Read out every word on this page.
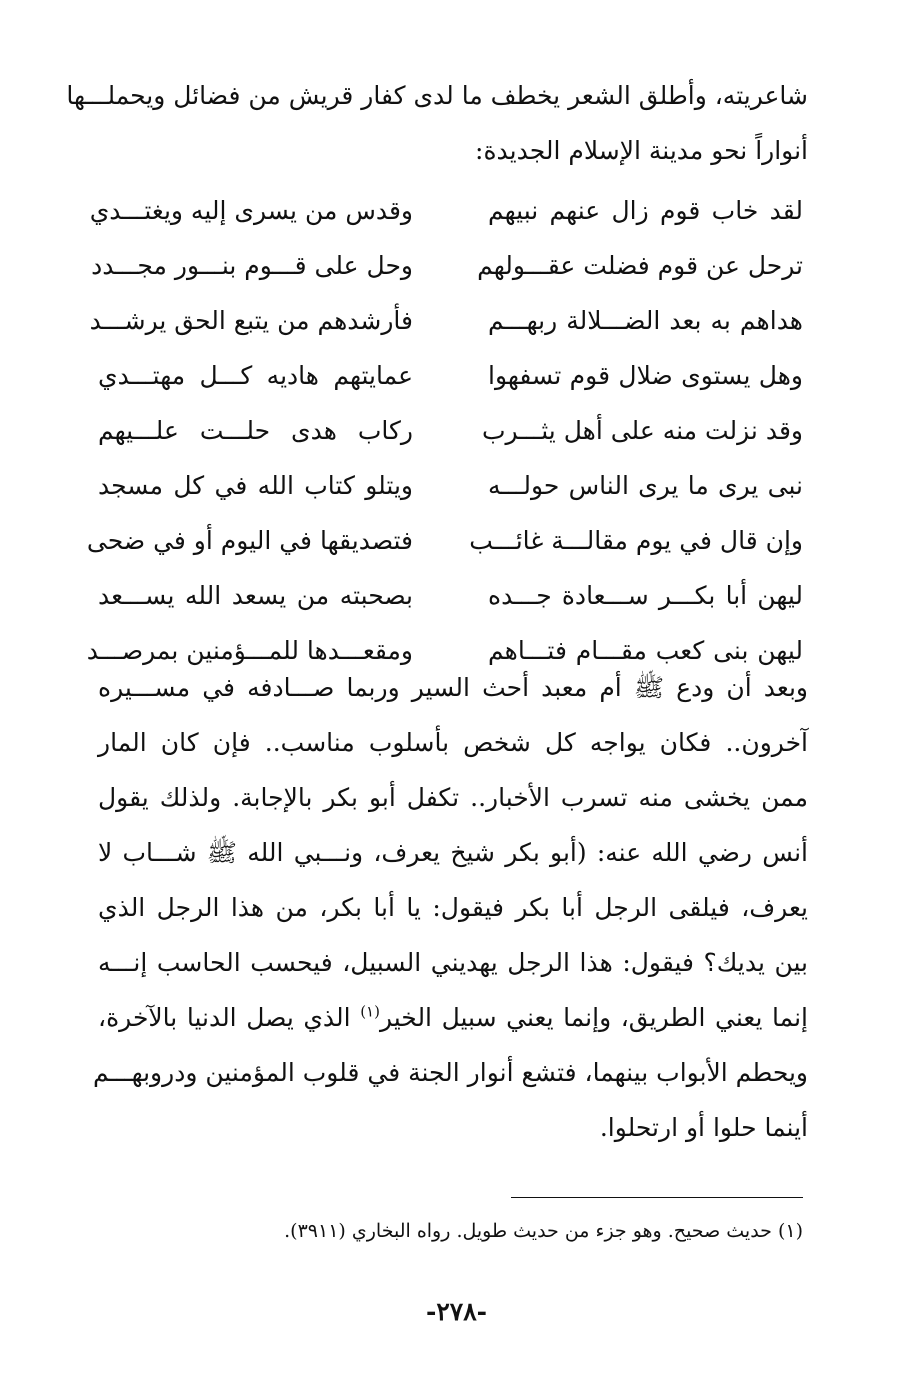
شاعريته، وأطلق الشعر يخطف ما لدى كفار قريش من فضائل ويحملـــها
أنواراً نحو مدينة الإسلام الجديدة:
لقد خاب قوم زال عنهم نبيهم
وقدس من يسرى إليه ويغتـــدي
ترحل عن قوم فضلت عقـــولهم
وحل على قـــوم بنـــور مجـــدد
هداهم به بعد الضـــلالة ربهـــم
فأرشدهم من يتبع الحق يرشـــد
وهل يستوى ضلال قوم تسفهوا
عمايتهم هاديه كـــل مهتـــدي
وقد نزلت منه على أهل يثـــرب
ركاب هدى حلـــت علـــيهم
نبى يرى ما يرى الناس حولـــه
ويتلو كتاب الله في كل مسجد
وإن قال في يوم مقالـــة غائـــب
فتصديقها في اليوم أو في ضحى
ليهن أبا بكـــر ســـعادة جـــده
بصحبته من يسعد الله يســـعد
ليهن بنى كعب مقـــام فتـــاهم
ومقعـــدها للمـــؤمنين بمرصـــد
وبعد أن ودع ﷺ أم معبد أحث السير وربما صـــادفه في مســـيره
آخرون.. فكان يواجه كل شخص بأسلوب مناسب.. فإن كان المار
ممن يخشى منه تسرب الأخبار.. تكفل أبو بكر بالإجابة. ولذلك يقول
أنس رضي الله عنه: (أبو بكر شيخ يعرف، ونـــبي الله ﷺ شـــاب لا
يعرف، فيلقى الرجل أبا بكر فيقول: يا أبا بكر، من هذا الرجل الذي
بين يديك؟ فيقول: هذا الرجل يهديني السبيل، فيحسب الحاسب إنـــه
إنما يعني الطريق، وإنما يعني سبيل الخير$^{(١)}$ الذي يصل الدنيا بالآخرة،
ويحطم الأبواب بينهما، فتشع أنوار الجنة في قلوب المؤمنين ودروبهـــم
أينما حلوا أو ارتحلوا.
(١) حديث صحيح. وهو جزء من حديث طويل. رواه البخاري (٣٩١١).
-٢٧٨-
